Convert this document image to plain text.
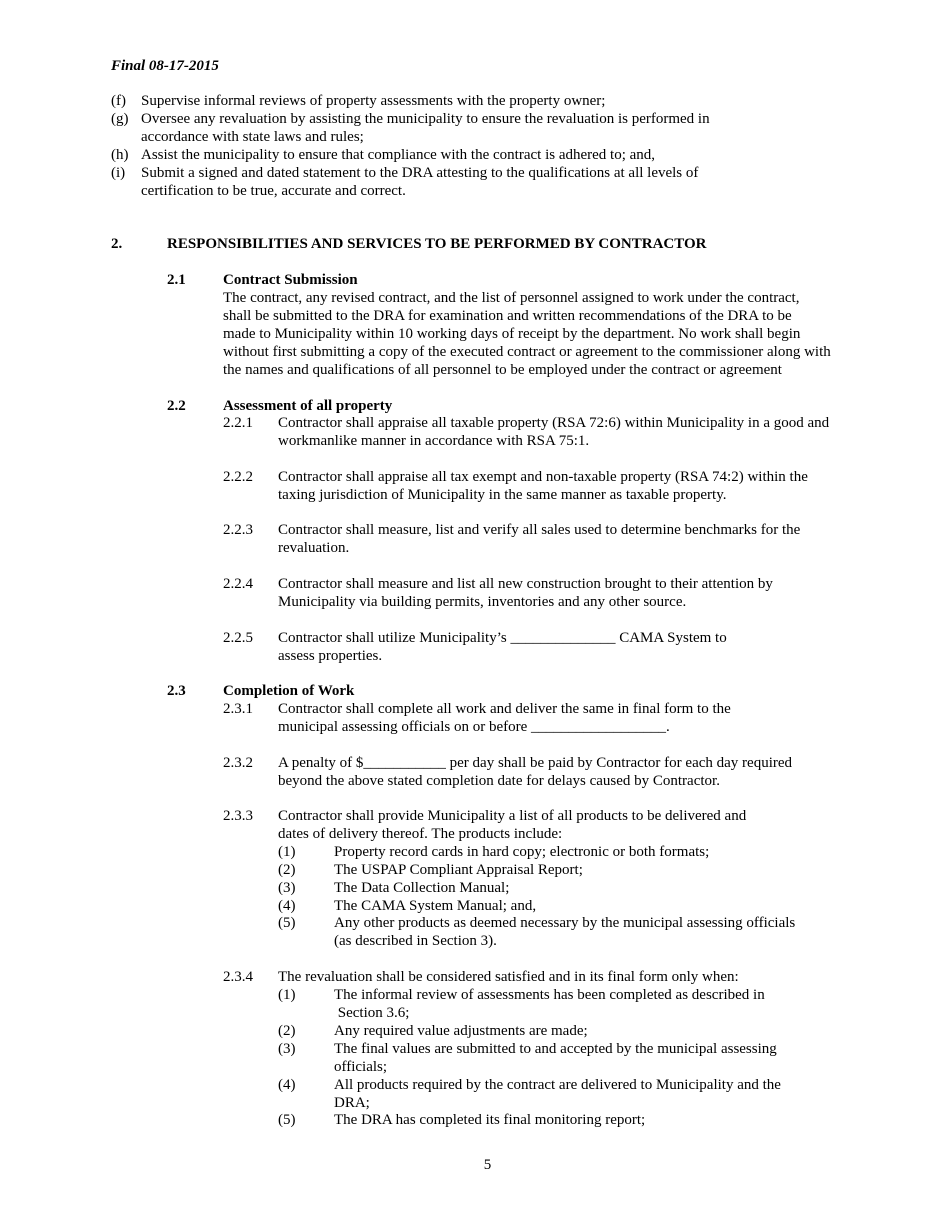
Final 08-17-2015
(f) Supervise informal reviews of property assessments with the property owner;
(g) Oversee any revaluation by assisting the municipality to ensure the revaluation is performed in
accordance with state laws and rules;
(h) Assist the municipality to ensure that compliance with the contract is adhered to; and,
(i) Submit a signed and dated statement to the DRA attesting to the qualifications at all levels of
certification to be true, accurate and correct.
2.	RESPONSIBILITIES AND SERVICES TO BE PERFORMED BY CONTRACTOR
2.1 Contract Submission
The contract, any revised contract, and the list of personnel assigned to work under the contract,
shall be submitted to the DRA for examination and written recommendations of the DRA to be
made to Municipality within 10 working days of receipt by the department. No work shall begin
without first submitting a copy of the executed contract or agreement to the commissioner along with
the names and qualifications of all personnel to be employed under the contract or agreement
2.2 Assessment of all property
2.2.1 Contractor shall appraise all taxable property (RSA 72:6) within Municipality in a good and
workmanlike manner in accordance with RSA 75:1.
2.2.2 Contractor shall appraise all tax exempt and non-taxable property (RSA 74:2) within the
taxing jurisdiction of Municipality in the same manner as taxable property.
2.2.3 Contractor shall measure, list and verify all sales used to determine benchmarks for the
revaluation.
2.2.4 Contractor shall measure and list all new construction brought to their attention by
Municipality via building permits, inventories and any other source.
2.2.5 Contractor shall utilize Municipality’s ______________ CAMA System to
assess properties.
2.3 Completion of Work
2.3.1 Contractor shall complete all work and deliver the same in final form to the
municipal assessing officials on or before __________________.
2.3.2 A penalty of $___________ per day shall be paid by Contractor for each day required
beyond the above stated completion date for delays caused by Contractor.
2.3.3 Contractor shall provide Municipality a list of all products to be delivered and
dates of delivery thereof. The products include:
(1)	Property record cards in hard copy; electronic or both formats;
(2)	The USPAP Compliant Appraisal Report;
(3)	The Data Collection Manual;
(4)	The CAMA System Manual; and,
(5)	Any other products as deemed necessary by the municipal assessing officials
(as described in Section 3).
2.3.4 The revaluation shall be considered satisfied and in its final form only when:
(1)	The informal review of assessments has been completed as described in
Section 3.6;
(2)	Any required value adjustments are made;
(3)	The final values are submitted to and accepted by the municipal assessing
officials;
(4)	All products required by the contract are delivered to Municipality and the
DRA;
(5)	The DRA has completed its final monitoring report;
5
